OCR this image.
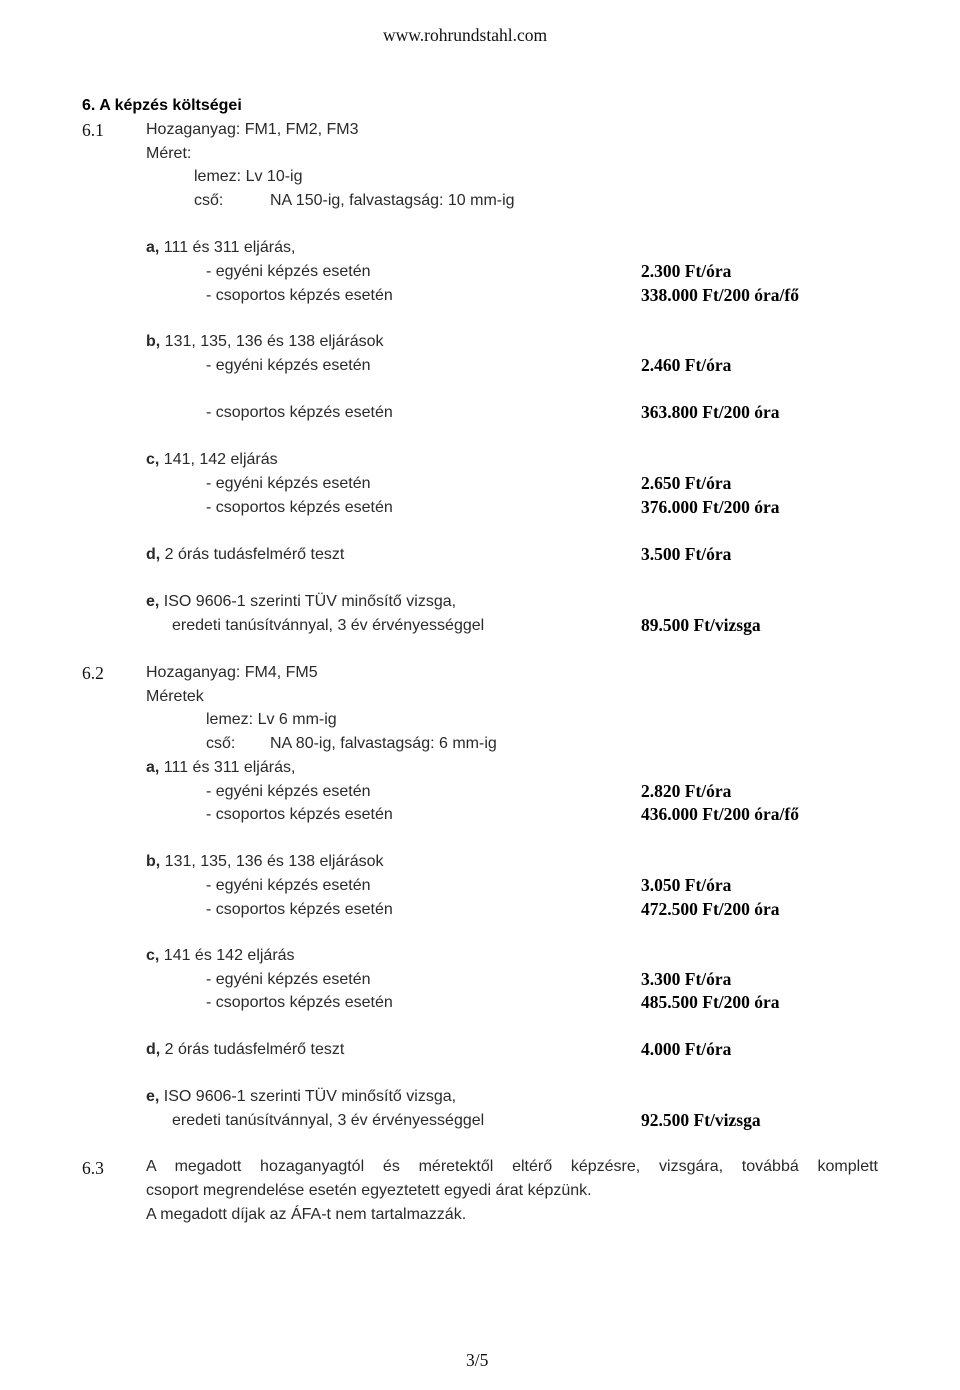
www.rohrundstahl.com
6. A képzés költségei
6.1	Hozaganyag: FM1, FM2, FM3
Méret:
lemez: Lv 10-ig
cső:	NA 150-ig, falvastagság: 10 mm-ig
a, 111 és 311 eljárás,
- egyéni képzés esetén	2.300 Ft/óra
- csoportos képzés esetén	338.000 Ft/200 óra/fő
b, 131, 135, 136 és 138 eljárások
- egyéni képzés esetén	2.460 Ft/óra
- csoportos képzés esetén	363.800 Ft/200 óra
c, 141, 142 eljárás
- egyéni képzés esetén	2.650 Ft/óra
- csoportos képzés esetén	376.000 Ft/200 óra
d, 2 órás tudásfelmérő teszt	3.500 Ft/óra
e, ISO 9606-1 szerinti TÜV minősítő vizsga,
eredeti tanúsítvánnyal, 3 év érvényességgel	89.500 Ft/vizsga
6.2	Hozaganyag: FM4, FM5
Méretek
lemez: Lv 6 mm-ig
cső: NA 80-ig, falvastagság: 6 mm-ig
a, 111 és 311 eljárás,
- egyéni képzés esetén	2.820 Ft/óra
- csoportos képzés esetén	436.000 Ft/200 óra/fő
b, 131, 135, 136 és 138 eljárások
- egyéni képzés esetén	3.050 Ft/óra
- csoportos képzés esetén	472.500 Ft/200 óra
c, 141 és 142 eljárás
- egyéni képzés esetén	3.300 Ft/óra
- csoportos képzés esetén	485.500 Ft/200 óra
d, 2 órás tudásfelmérő teszt	4.000 Ft/óra
e, ISO 9606-1 szerinti TÜV minősítő vizsga,
eredeti tanúsítvánnyal, 3 év érvényességgel	92.500 Ft/vizsga
6.3	A megadott hozaganyagtól és méretektől eltérő képzésre, vizsgára, továbbá komplett
csoport megrendelése esetén egyeztetett egyedi árat képzünk.
A megadott díjak az ÁFA-t nem tartalmazzák.
3/5
